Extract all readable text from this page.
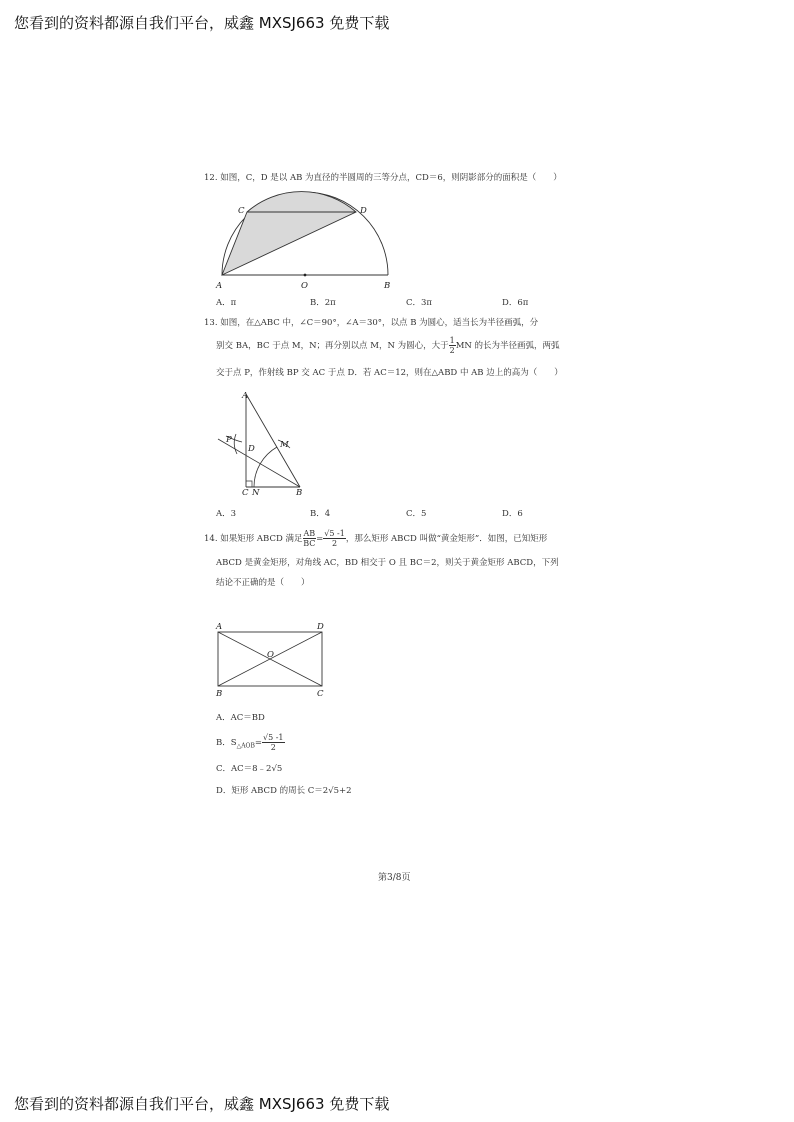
您看到的资料都源自我们平台，威鑫 MXSJ663 免费下载
12. 如图，C，D 是以 AB 为直径的半圆周的三等分点，CD＝6，则阴影部分的面积是（　　）
A	O	B
C	D
A．π	B．2π	C．3π	D．6π
13. 如图，在△ABC 中，∠C＝90°，∠A＝30°，以点 B 为圆心，适当长为半径画弧，分
别交 BA，BC 于点 M，N；再分别以点 M，N 为圆心，大于 $\frac{1}{2}$ MN 的长为半径画弧，两弧
交于点 P，作射线 BP 交 AC 于点 D．若 AC＝12，则在△ABD 中 AB 边上的高为（　　）
A
P
D	M
C N	B
A．3	B．4	C．5	D．6
14. 如果矩形 ABCD 满足 $\frac{AB}{BC} = \frac{√5 -1}{2}$ ，那么矩形 ABCD 叫做“黄金矩形”．如图，已知矩形
ABCD 是黄金矩形，对角线 AC，BD 相交于 O 且 BC＝2，则关于黄金矩形 ABCD，下列
结论不正确的是（　　）
A	D
O
B	C
A．AC＝BD
B．$S_{\triangle AOB}= \frac{√5 -1}{2}$
C．AC＝8﹣2√5
D．矩形 ABCD 的周长 C＝2√5+2
第3/8页
您看到的资料都源自我们平台，威鑫 MXSJ663 免费下载
